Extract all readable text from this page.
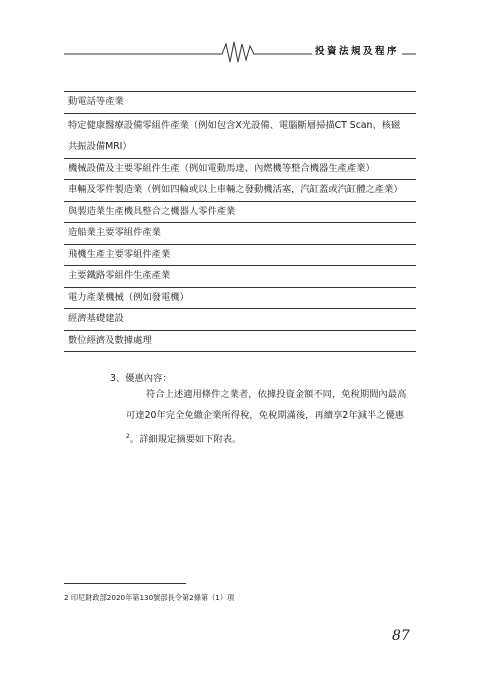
投資法規及程序
動電話等產業
特定健康醫療設備零組件產業（例如包含X光設備、電腦斷層掃描CT Scan、核磁
共振設備MRI）
機械設備及主要零組件生產（例如電動馬達、內燃機等整合機器生產產業）
車輛及零件製造業（例如四輪或以上車輛之發動機活塞，汽缸蓋或汽缸體之產業）
與製造業生產機具整合之機器人零件產業
造船業主要零組件產業
飛機生產主要零組件產業
主要鐵路零組件生產產業
電力產業機械（例如發電機）
經濟基礎建設
數位經濟及數據處理
3、優惠內容：
符合上述適用條件之業者，依據投資金額不同，免稅期間內最高
可達20年完全免繳企業所得稅，免稅期滿後，再續享2年減半之優惠
$^2$。詳細規定摘要如下附表。
2 印尼財政部2020年第130號部長令第2條第（1）項
87
